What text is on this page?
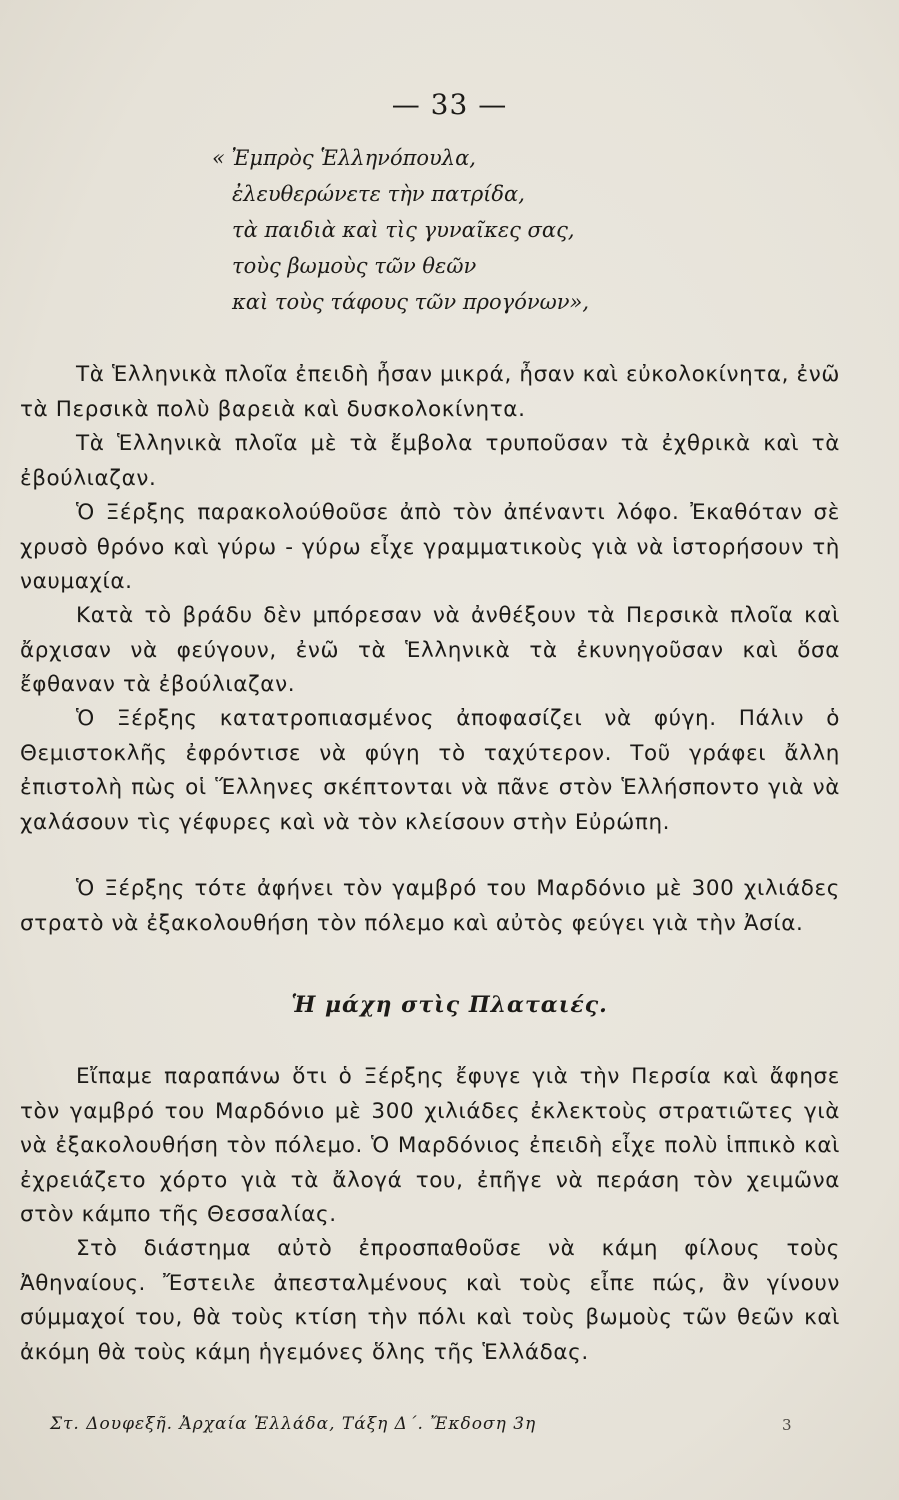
— 33 —
« Ἐμπρὸς Ἑλληνόπουλα,
ἐλευθερώνετε τὴν πατρίδα,
τὰ παιδιὰ καὶ τὶς γυναῖκες σας,
τοὺς βωμοὺς τῶν θεῶν
καὶ τοὺς τάφους τῶν προγόνων»,

Τὰ Ἑλληνικὰ πλοῖα ἐπειδὴ ἦσαν μικρά, ἦσαν καὶ εὐκολοκίνητα, ἐνῶ τὰ Περσικὰ πολὺ βαρειὰ καὶ δυσκολοκίνητα.

Τὰ Ἑλληνικὰ πλοῖα μὲ τὰ ἔμβολα τρυποῦσαν τὰ ἐχθρικὰ καὶ τὰ ἐβούλιαζαν.

Ὁ Ξέρξης παρακολούθοῦσε ἀπὸ τὸν ἀπέναντι λόφο. Ἐκαθόταν σὲ χρυσὸ θρόνο καὶ γύρω - γύρω εἶχε γραμματικοὺς γιὰ νὰ ἱστορήσουν τὴ ναυμαχία.

Κατὰ τὸ βράδυ δὲν μπόρεσαν νὰ ἀνθέξουν τὰ Περσικὰ πλοῖα καὶ ἄρχισαν νὰ φεύγουν, ἐνῶ τὰ Ἑλληνικὰ τὰ ἐκυνηγοῦσαν καὶ ὅσα ἔφθαναν τὰ ἐβούλιαζαν.

Ὁ Ξέρξης κατατροπιασμένος ἀποφασίζει νὰ φύγη. Πάλιν ὁ Θεμιστοκλῆς ἐφρόντισε νὰ φύγη τὸ ταχύτερον. Τοῦ γράφει ἄλλη ἐπιστολὴ πὼς οἱ Ἕλληνες σκέπτονται νὰ πᾶνε στὸν Ἑλλήσποντο γιὰ νὰ χαλάσουν τὶς γέφυρες καὶ νὰ τὸν κλείσουν στὴν Εὐρώπη.

Ὁ Ξέρξης τότε ἀφήνει τὸν γαμβρό του Μαρδόνιο μὲ 300 χιλιάδες στρατὸ νὰ ἐξακολουθήση τὸν πόλεμο καὶ αὐτὸς φεύγει γιὰ τὴν Ἀσία.

Ἡ μάχη στὶς Πλαταιές.

Εἴπαμε παραπάνω ὅτι ὁ Ξέρξης ἔφυγε γιὰ τὴν Περσία καὶ ἄφησε τὸν γαμβρό του Μαρδόνιο μὲ 300 χιλιάδες ἐκλεκτοὺς στρατιῶτες γιὰ νὰ ἐξακολουθήση τὸν πόλεμο. Ὁ Μαρδόνιος ἐπειδὴ εἶχε πολὺ ἱππικὸ καὶ ἐχρειάζετο χόρτο γιὰ τὰ ἄλογά του, ἐπῆγε νὰ περάση τὸν χειμῶνα στὸν κάμπο τῆς Θεσσαλίας.

Στὸ διάστημα αὐτὸ ἐπροσπαθοῦσε νὰ κάμη φίλους τοὺς Ἀθηναίους. Ἔστειλε ἀπεσταλμένους καὶ τοὺς εἶπε πώς, ἂν γίνουν σύμμαχοί του, θὰ τοὺς κτίση τὴν πόλι καὶ τοὺς βωμοὺς τῶν θεῶν καὶ ἀκόμη θὰ τοὺς κάμη ἡγεμόνες ὅλης τῆς Ἑλλάδας.

Στ. Δουφεξῆ. Ἀρχαία Ἑλλάδα, Τάξη Δ΄. Ἔκδοση 3η	3
